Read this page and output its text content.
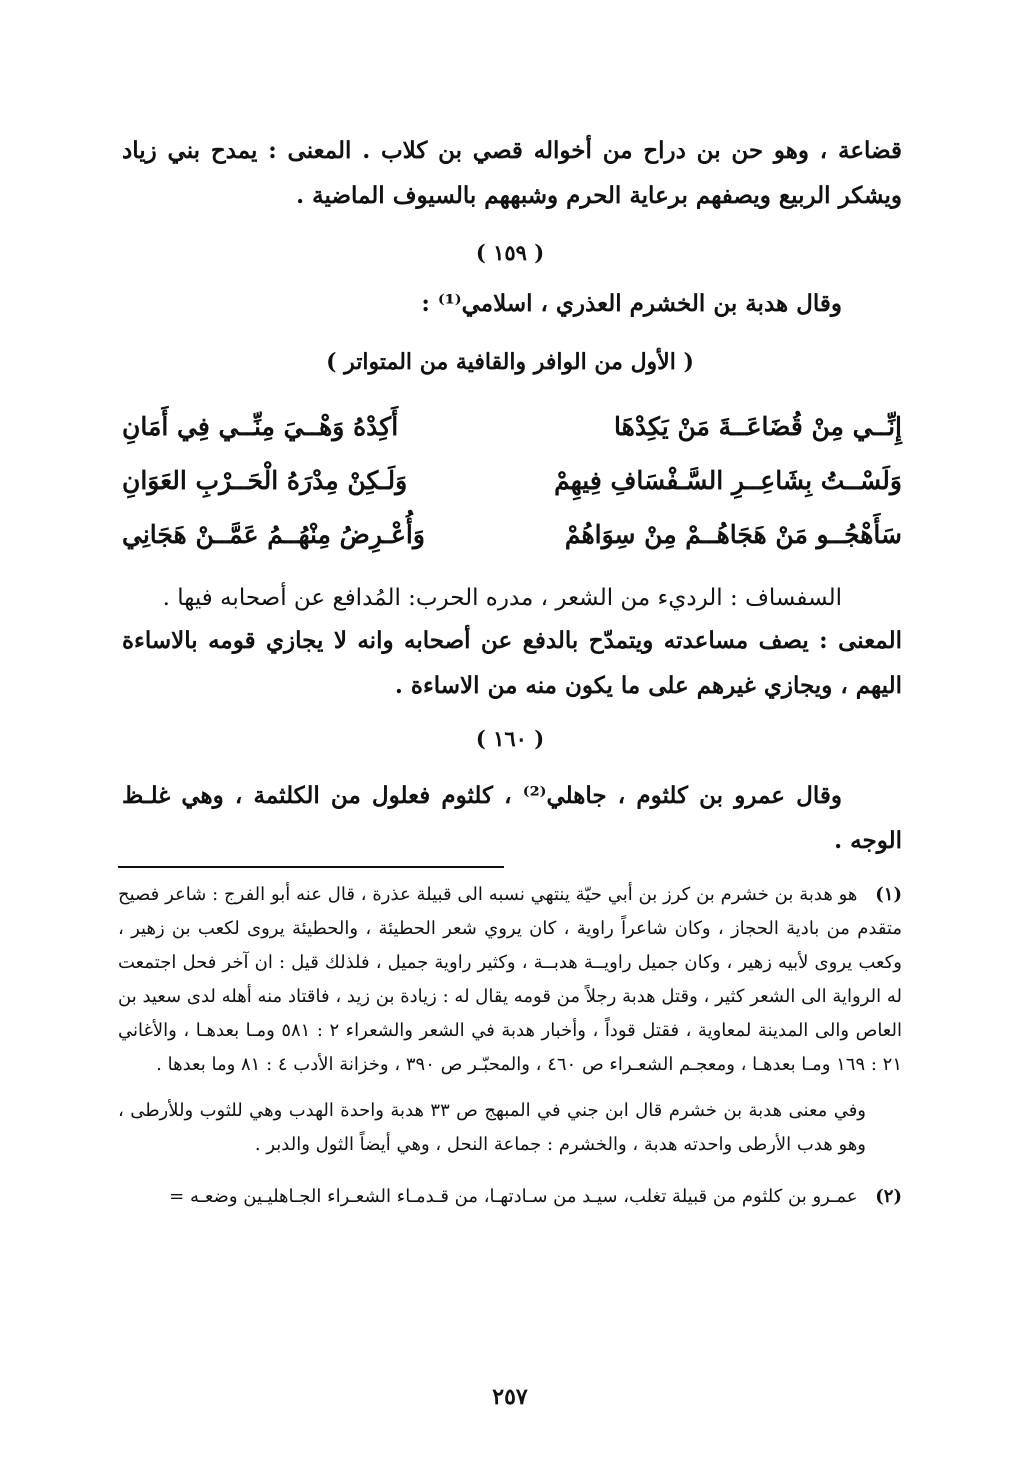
قضاعة ، وهو حن بن دراح من أخواله قصي بن كلاب . المعنى : يمدح بني زياد ويشكر الربيع ويصفهم برعاية الحرم وشبههم بالسيوف الماضية .

( ١٥٩ )
وقال هدبة بن الخشرم العذري ، اسلامي⁽¹⁾ :
( الأول من الوافر والقافية من المتواتر )
إِنِّــي مِنْ قُضَاعَــةَ مَنْ يَكِدْهَا
أَكِدْهُ وَهْــيَ مِنِّــي فِي أَمَانِ
وَلَسْــتُ بِشَاعِــرِ السَّـفْسَافِ فِيهِمْ
وَلَـكِنْ مِدْرَهُ الْحَــرْبِ العَوَانِ
سَأَهْجُــو مَنْ هَجَاهُــمْ مِنْ سِوَاهُمْ
وَأُعْـرِضُ مِنْهُــمُ عَمَّــنْ هَجَانِي
السفساف : الرديء من الشعر ، مدره الحرب: المُدافع عن أصحابه فيها .

المعنى : يصف مساعدته ويتمدّح بالدفع عن أصحابه وانه لا يجازي قومه بالاساءة اليهم ، ويجازي غيرهم على ما يكون منه من الاساءة .

( ١٦٠ )

وقال عمرو بن كلثوم ، جاهلي⁽²⁾ ، كلثوم فعلول من الكلثمة ، وهي غلـظ الوجه .

(١) هو هدبة بن خشرم بن كرز بن أبي حيّة ينتهي نسبه الى قبيلة عذرة ، قال عنه أبو الفرج : شاعر فصيح متقدم من بادية الحجاز ، وكان شاعراً راوية ، كان يروي شعر الحطيئة ، والحطيئة يروى لكعب بن زهير ، وكعب يروى لأبيه زهير ، وكان جميل راويــة هدبــة ، وكثير راوية جميل ، فلذلك قيل : ان آخر فحل اجتمعت له الرواية الى الشعر كثير ، وقتل هدبة رجلاً من قومه يقال له : زيادة بن زيد ، فاقتاد منه أهله لدى سعيد بن العاص والى المدينة لمعاوية ، فقتل قوداً ، وأخبار هدبة في الشعر والشعراء ٢ : ٥٨١ ومـا بعدهـا ، والأغاني ٢١ : ١٦٩ ومـا بعدهـا ، ومعجـم الشعـراء ص ٤٦٠ ، والمحبّـر ص ٣٩٠ ، وخزانة الأدب ٤ : ٨١ وما بعدها .

وفي معنى هدبة بن خشرم قال ابن جني في المبهج ص ٣٣ هدبة واحدة الهدب وهي للثوب وللأرطى ، وهو هدب الأرطى واحدته هدبة ، والخشرم : جماعة النحل ، وهي أيضاً الثول والدبر .

(٢) عمـرو بن كلثوم من قبيلة تغلب، سيـد من سـادتهـا، من قـدمـاء الشعـراء الجـاهليـين وضعـه =

٢٥٧
